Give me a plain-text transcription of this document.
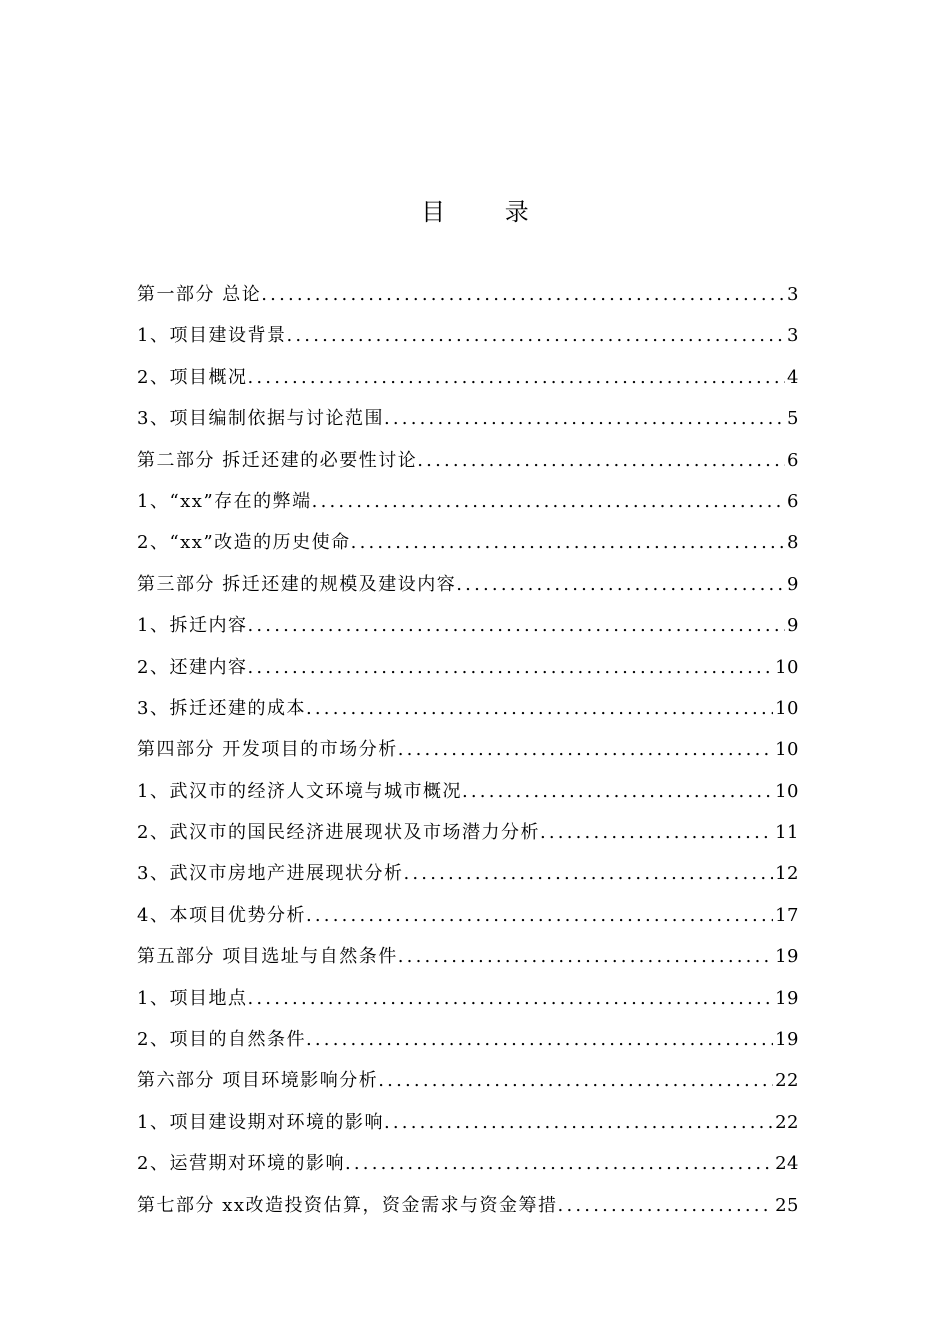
目 录
第一部分 总论 .....	3
1、项目建设背景 .....	3
2、项目概况 .....	4
3、项目编制依据与讨论范围 .....	5
第二部分 拆迁还建的必要性讨论 .....	6
1、“xx”存在的弊端 .....	6
2、“xx”改造的历史使命 .....	8
第三部分 拆迁还建的规模及建设内容 .....	9
1、拆迁内容 .....	9
2、还建内容 .....	10
3、拆迁还建的成本 .....	10
第四部分 开发项目的市场分析 .....	10
1、武汉市的经济人文环境与城市概况 .....	10
2、武汉市的国民经济进展现状及市场潜力分析 .....	11
3、武汉市房地产进展现状分析 .....	12
4、本项目优势分析 .....	17
第五部分 项目选址与自然条件 .....	19
1、项目地点 .....	19
2、项目的自然条件 .....	19
第六部分 项目环境影响分析 .....	22
1、项目建设期对环境的影响 .....	22
2、运营期对环境的影响 .....	24
第七部分 xx改造投资估算，资金需求与资金筹措 .....	25
